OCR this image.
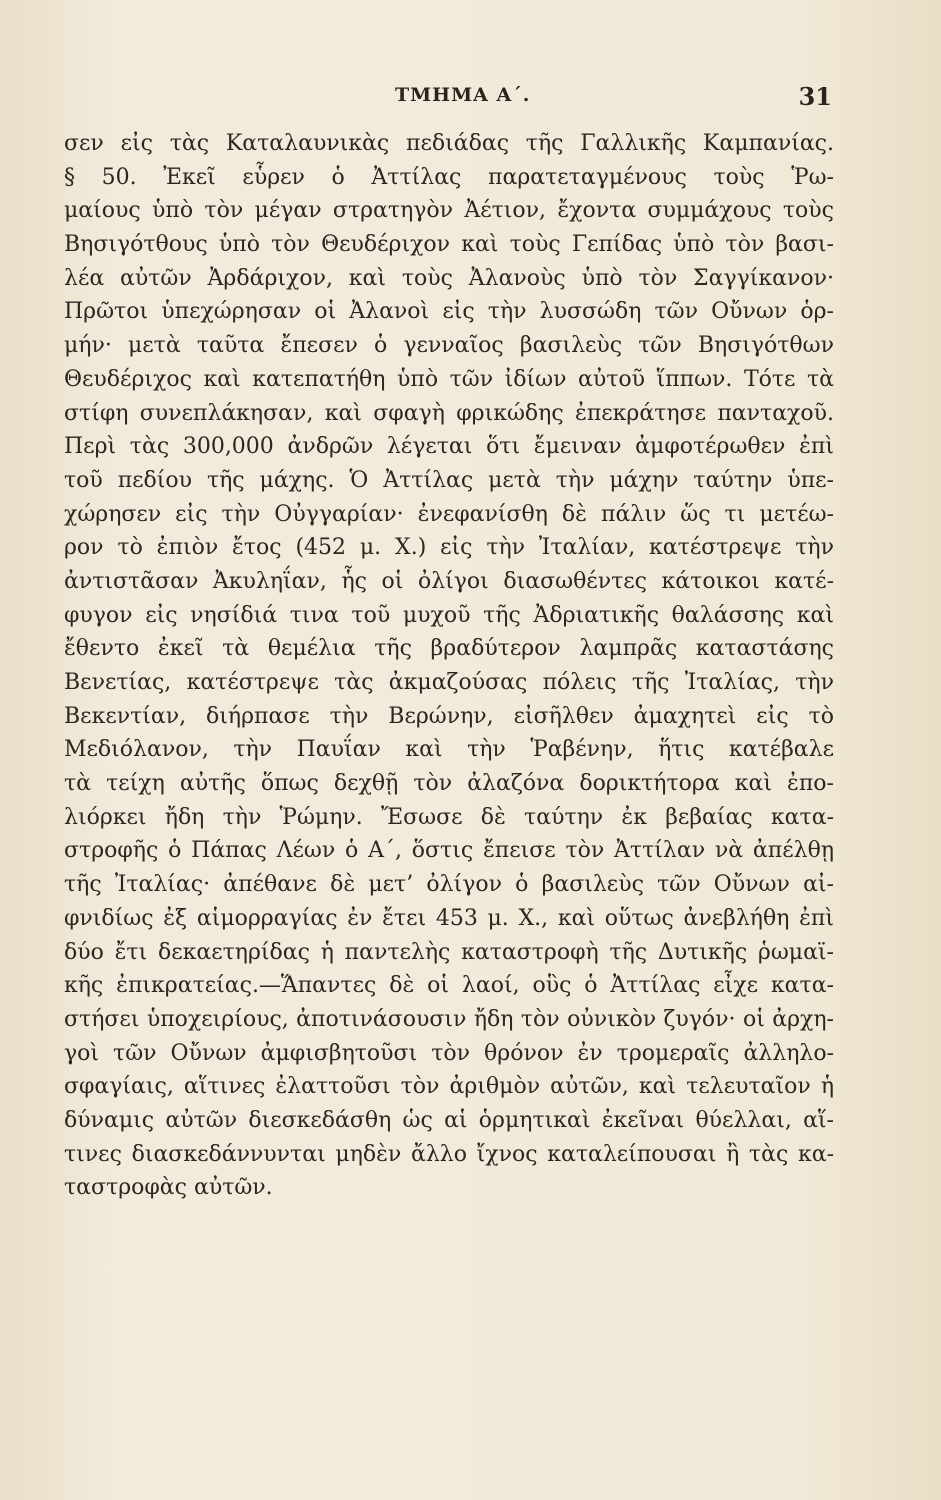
ΤΜΗΜΑ Α΄.	31
σεν εἰς τὰς Καταλαυνικὰς πεδιάδας τῆς Γαλλικῆς Καμπανίας.
§ 50. Ἐκεῖ εὗρεν ὁ Ἀττίλας παρατεταγμένους τοὺς Ῥω-
μαίους ὑπὸ τὸν μέγαν στρατηγὸν Ἀέτιον, ἔχοντα συμμάχους τοὺς
Βησιγότθους ὑπὸ τὸν Θευδέριχον καὶ τοὺς Γεπίδας ὑπὸ τὸν βασι-
λέα αὐτῶν Ἀρδάριχον, καὶ τοὺς Ἀλανοὺς ὑπὸ τὸν Σαγγίκανον·
Πρῶτοι ὑπεχώρησαν οἱ Ἀλανοὶ εἰς τὴν λυσσώδη τῶν Οὔνων ὁρ-
μήν· μετὰ ταῦτα ἔπεσεν ὁ γενναῖος βασιλεὺς τῶν Βησιγότθων
Θευδέριχος καὶ κατεπατήθη ὑπὸ τῶν ἰδίων αὐτοῦ ἵππων. Τότε τὰ
στίφη συνεπλάκησαν, καὶ σφαγὴ φρικώδης ἐπεκράτησε πανταχοῦ.
Περὶ τὰς 300,000 ἀνδρῶν λέγεται ὅτι ἔμειναν ἀμφοτέρωθεν ἐπὶ
τοῦ πεδίου τῆς μάχης. Ὁ Ἀττίλας μετὰ τὴν μάχην ταύτην ὑπε-
χώρησεν εἰς τὴν Οὐγγαρίαν· ἐνεφανίσθη δὲ πάλιν ὥς τι μετέω-
ρον τὸ ἐπιὸν ἔτος (452 μ. Χ.) εἰς τὴν Ἰταλίαν, κατέστρεψε τὴν
ἀντιστᾶσαν Ἀκυληΐαν, ἧς οἱ ὀλίγοι διασωθέντες κάτοικοι κατέ-
φυγον εἰς νησίδιά τινα τοῦ μυχοῦ τῆς Ἀδριατικῆς θαλάσσης καὶ
ἔθεντο ἐκεῖ τὰ θεμέλια τῆς βραδύτερον λαμπρᾶς καταστάσης
Βενετίας, κατέστρεψε τὰς ἀκμαζούσας πόλεις τῆς Ἰταλίας, τὴν
Βεκεντίαν, διήρπασε τὴν Βερώνην, εἰσῆλθεν ἀμαχητεὶ εἰς τὸ
Μεδιόλανον, τὴν Παυΐαν καὶ τὴν Ῥαβένην, ἥτις κατέβαλε
τὰ τείχη αὐτῆς ὅπως δεχθῇ τὸν ἀλαζόνα δορικτήτορα καὶ ἐπο-
λιόρκει ἤδη τὴν Ῥώμην. Ἔσωσε δὲ ταύτην ἐκ βεβαίας κατα-
στροφῆς ὁ Πάπας Λέων ὁ Α΄, ὅστις ἔπεισε τὸν Ἀττίλαν νὰ ἀπέλθῃ
τῆς Ἰταλίας· ἀπέθανε δὲ μετ’ ὀλίγον ὁ βασιλεὺς τῶν Οὔνων αἰ-
φνιδίως ἐξ αἱμορραγίας ἐν ἔτει 453 μ. Χ., καὶ οὕτως ἀνεβλήθη ἐπὶ
δύο ἔτι δεκαετηρίδας ἡ παντελὴς καταστροφὴ τῆς Δυτικῆς ῥωμαϊ-
κῆς ἐπικρατείας.—Ἅπαντες δὲ οἱ λαοί, οὓς ὁ Ἀττίλας εἶχε κατα-
στήσει ὑποχειρίους, ἀποτινάσουσιν ἤδη τὸν οὐνικὸν ζυγόν· οἱ ἀρχη-
γοὶ τῶν Οὔνων ἀμφισβητοῦσι τὸν θρόνον ἐν τρομεραῖς ἀλληλο-
σφαγίαις, αἵτινες ἐλαττοῦσι τὸν ἀριθμὸν αὐτῶν, καὶ τελευταῖον ἡ
δύναμις αὐτῶν διεσκεδάσθη ὡς αἱ ὁρμητικαὶ ἐκεῖναι θύελλαι, αἵ-
τινες διασκεδάννυνται μηδὲν ἄλλο ἴχνος καταλείπουσαι ἢ τὰς κα-
ταστροφὰς αὐτῶν.
